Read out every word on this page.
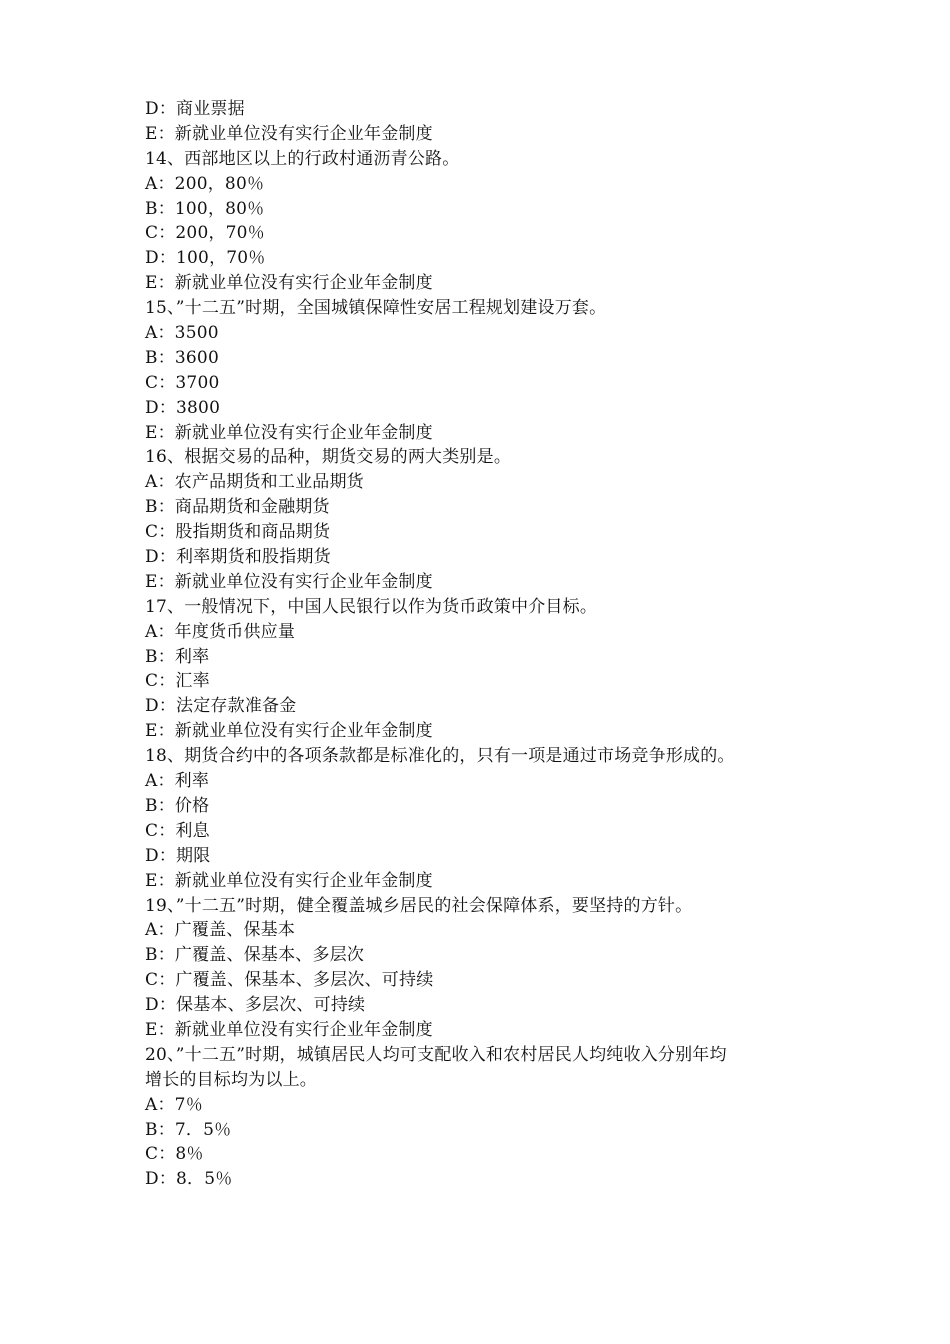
D：商业票据
E：新就业单位没有实行企业年金制度
14、西部地区以上的行政村通沥青公路。
A：200，80％
B：100，80％
C：200，70％
D：100，70％
E：新就业单位没有实行企业年金制度
15、”十二五”时期，全国城镇保障性安居工程规划建设万套。
A：3500
B：3600
C：3700
D：3800
E：新就业单位没有实行企业年金制度
16、根据交易的品种，期货交易的两大类别是。
A：农产品期货和工业品期货
B：商品期货和金融期货
C：股指期货和商品期货
D：利率期货和股指期货
E：新就业单位没有实行企业年金制度
17、一般情况下，中国人民银行以作为货币政策中介目标。
A：年度货币供应量
B：利率
C：汇率
D：法定存款准备金
E：新就业单位没有实行企业年金制度
18、期货合约中的各项条款都是标准化的，只有一项是通过市场竞争形成的。
A：利率
B：价格
C：利息
D：期限
E：新就业单位没有实行企业年金制度
19、”十二五”时期，健全覆盖城乡居民的社会保障体系，要坚持的方针。
A：广覆盖、保基本
B：广覆盖、保基本、多层次
C：广覆盖、保基本、多层次、可持续
D：保基本、多层次、可持续
E：新就业单位没有实行企业年金制度
20、”十二五”时期，城镇居民人均可支配收入和农村居民人均纯收入分别年均
增长的目标均为以上。
A：7％
B：7．5％
C：8％
D：8．5％
